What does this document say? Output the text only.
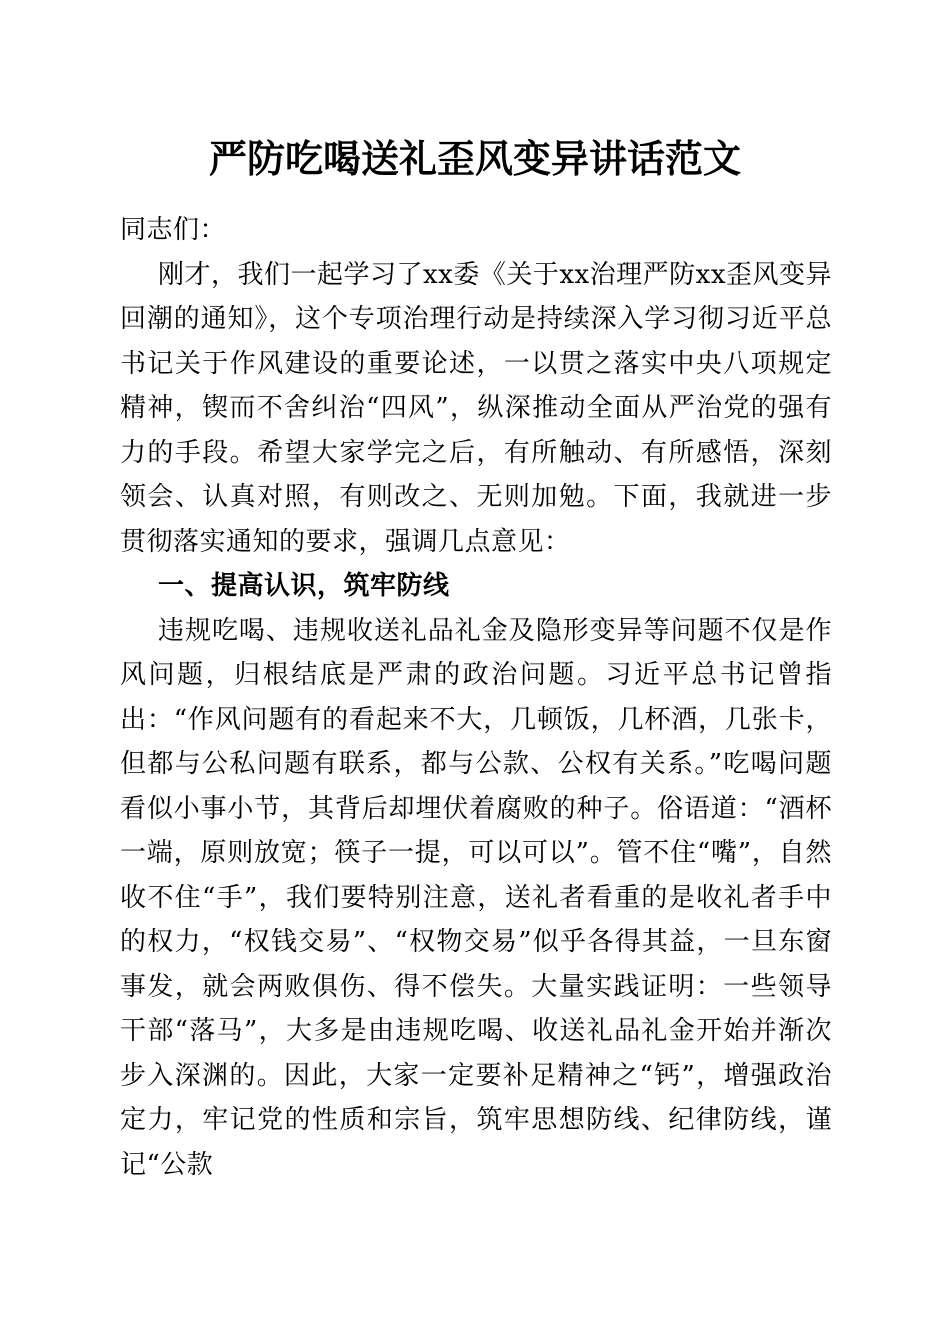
严防吃喝送礼歪风变异讲话范文

同志们：

刚才，我们一起学习了xx委《关于xx治理严防xx歪风变异回潮的通知》，这个专项治理行动是持续深入学习彻习近平总书记关于作风建设的重要论述，一以贯之落实中央八项规定精神，锲而不舍纠治“四风”，纵深推动全面从严治党的强有力的手段。希望大家学完之后，有所触动、有所感悟，深刻领会、认真对照，有则改之、无则加勉。下面，我就进一步贯彻落实通知的要求，强调几点意见：

一、提高认识，筑牢防线

违规吃喝、违规收送礼品礼金及隐形变异等问题不仅是作风问题，归根结底是严肃的政治问题。习近平总书记曾指出：“作风问题有的看起来不大，几顿饭，几杯酒，几张卡，但都与公私问题有联系，都与公款、公权有关系。”吃喝问题看似小事小节，其背后却埋伏着腐败的种子。俗语道：“酒杯一端，原则放宽；筷子一提，可以可以”。管不住“嘴”，自然收不住“手”，我们要特别注意，送礼者看重的是收礼者手中的权力，“权钱交易”、“权物交易”似乎各得其益，一旦东窗事发，就会两败俱伤、得不偿失。大量实践证明：一些领导干部“落马”，大多是由违规吃喝、收送礼品礼金开始并渐次步入深渊的。因此，大家一定要补足精神之“钙”，增强政治定力，牢记党的性质和宗旨，筑牢思想防线、纪律防线，谨记“公款
